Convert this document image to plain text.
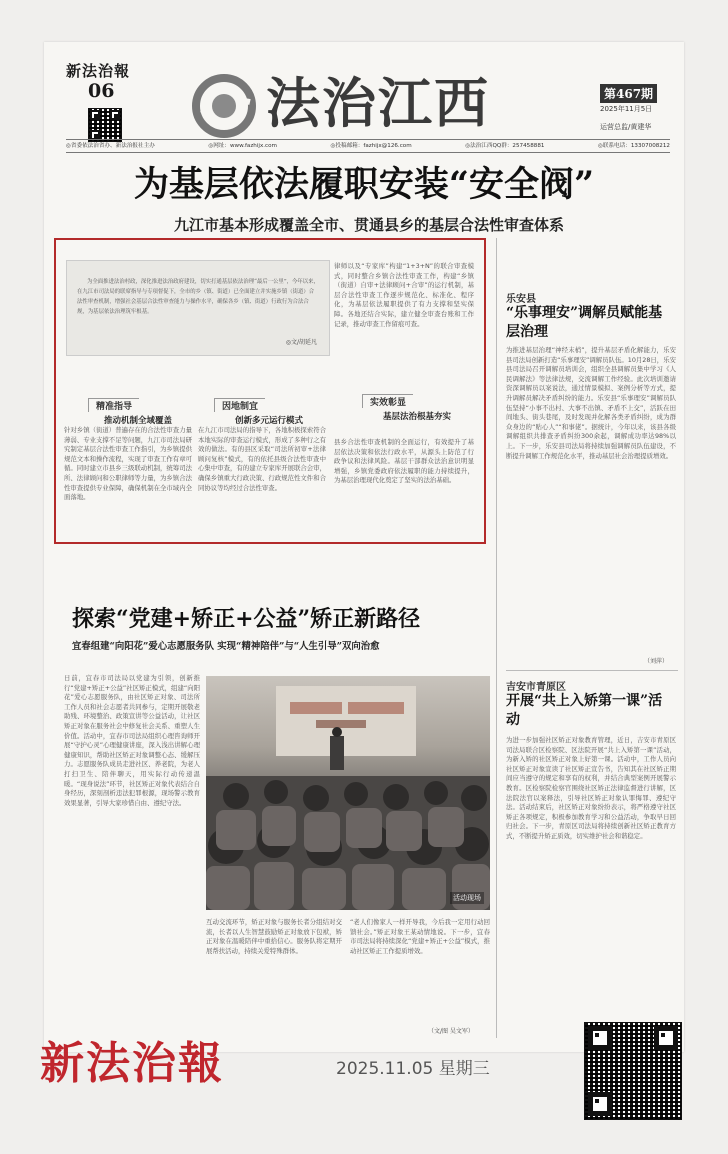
新法治報
06	法治江西	第467期
2025年11月5日
运营总监/黄建华
◎省委依法治省办、新法治报社主办	◎网址：www.fazhijx.com	◎投稿邮箱：fazhijx@126.com	◎法治江西QQ群：257458881	◎联系电话：13307008212
为基层依法履职安装“安全阀”
九江市基本形成覆盖全市、贯通县乡的基层合法性审查体系
为全面推进法治村政，深化推进法治政府建设，切实打通基层依法治理“最后一公里”，今年以来，在九江市司法局的联席指导与专项督促下，全市的乡（镇、街道）已全面建立并实施乡镇（街道）合法性审查机制，增强社会基层合法性审查能力与操作水平，确保各乡（镇、街道）行政行为合法合规，为基层依法治理筑牢根基。
◎文/胡延凡
精准指导
推动机制全域覆盖
针对乡镇（街道）普遍存在的合法性审查力量薄弱、专业支撑不足等问题，九江市司法局研究制定基层合法性审查工作指引，为乡镇提供规范文本和操作流程，实现了审查工作有章可循。同时建立市县乡三级联动机制，统筹司法所、法律顾问和公职律师等力量，为乡镇合法性审查提供专业保障，确保机制在全市域内全面落地。
因地制宜
创新多元运行模式
在九江市司法局的指导下，各地积极探索符合本地实际的审查运行模式，形成了多种行之有效的做法。有的县区采取“司法所初审+法律顾问复核”模式，有的依托县级合法性审查中心集中审查，有的建立专家库开展联合会审，确保乡镇重大行政决策、行政规范性文件和合同协议等均经过合法性审查。
律师以及“专家库”构建“1+3+N”的联合审查模式，同时整合乡镇合法性审查工作，构建“乡镇（街道）自审+法律顾问+合审”的运行机制，基层合法性审查工作逐步规范化、标准化、程序化，为基层依法履职提供了有力支撑和坚实保障。各地还结合实际，建立健全审查台账和工作记录，推动审查工作留痕可查。
实效彰显
基层法治根基夯实
县乡合法性审查机制的全面运行，有效提升了基层依法决策和依法行政水平，从源头上防范了行政争议和法律风险。基层干部群众法治意识明显增强，乡镇党委政府依法履职的能力持续提升，为基层治理现代化奠定了坚实的法治基础。
乐安县
“乐事理安”调解员赋能基层治理
为推进基层治理“神经末梢”，提升基层矛盾化解能力，乐安县司法局创新打造“乐事理安”调解员队伍。10月28日，乐安县司法局召开调解员培训会，组织全县调解员集中学习《人民调解法》等法律法规，交流调解工作经验。此次培训邀请资深调解员以案说法，通过情景模拟、案例分析等方式，提升调解员解决矛盾纠纷的能力。乐安县“乐事理安”调解员队伍坚持“小事不出村、大事不出镇、矛盾不上交”，活跃在田间地头、街头巷尾，及时发现并化解各类矛盾纠纷，成为群众身边的“贴心人”“和事佬”。据统计，今年以来，该县各级调解组织共排查矛盾纠纷300余起，调解成功率达98%以上。下一步，乐安县司法局将持续加强调解员队伍建设，不断提升调解工作规范化水平，推动基层社会治理提质增效。
（刘萍）
吉安市青原区
开展“共上入矫第一课”活动
为进一步加强社区矫正对象教育管理，近日，吉安市青原区司法局联合区检察院、区法院开展“共上入矫第一课”活动，为新入矫的社区矫正对象上好第一课。活动中，工作人员向社区矫正对象宣读了社区矫正宣告书，告知其在社区矫正期间应当遵守的规定和享有的权利，并结合典型案例开展警示教育。区检察院检察官围绕社区矫正法律监督进行讲解，区法院法官以案释法，引导社区矫正对象认罪悔罪、遵纪守法。活动结束后，社区矫正对象纷纷表示，将严格遵守社区矫正各项规定，积极参加教育学习和公益活动，争取早日回归社会。下一步，青原区司法局将持续创新社区矫正教育方式，不断提升矫正质效，切实维护社会和谐稳定。
探索“党建+矫正+公益”矫正新路径
宜春组建“向阳花”爱心志愿服务队 实现“精神陪伴”与“人生引导”双向治愈
日前，宜春市司法局以党建为引领，创新推行“党建+矫正+公益”社区矫正模式，组建“向阳花”爱心志愿服务队，由社区矫正对象、司法所工作人员和社会志愿者共同参与，定期开展敬老助残、环境整治、政策宣讲等公益活动，让社区矫正对象在服务社会中修复社会关系、重塑人生价值。活动中，宜春市司法局组织心理咨询师开展“守护心灵”心理健康讲座，深入浅出讲解心理健康知识，帮助社区矫正对象调整心态、缓解压力。志愿服务队成员走进社区、养老院，为老人打扫卫生、陪伴聊天，用实际行动传递温暖。“现身说法”环节，社区矫正对象代表结合自身经历，深刻剖析违法犯罪根源，现场警示教育效果显著，引导大家珍惜自由、遵纪守法。
活动现场
互动交流环节，矫正对象与服务长者分组结对交流，长者以人生智慧鼓励矫正对象放下包袱，矫正对象在温暖陪伴中重拾信心。服务队将定期开展帮扶活动，持续关爱特殊群体。
“老人们像家人一样开导我，今后我一定用行动回馈社会。”矫正对象王某动情地说。下一步，宜春市司法局将持续深化“党建+矫正+公益”模式，推动社区矫正工作提质增效。
（文/图 吴文军）
新法治報	2025.11.05 星期三
